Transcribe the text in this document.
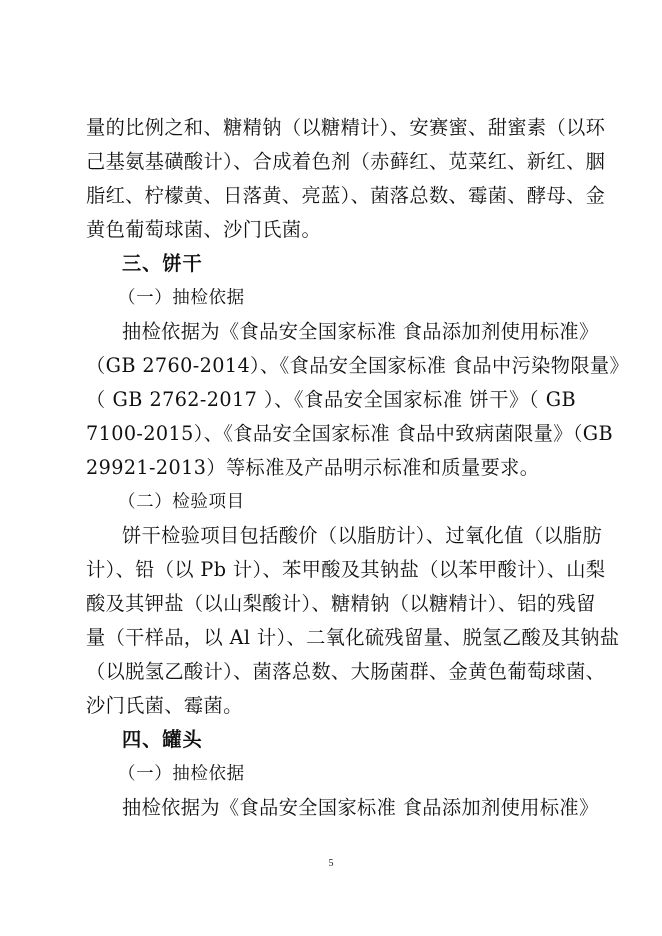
量的比例之和、糖精钠（以糖精计）、安赛蜜、甜蜜素（以环
己基氨基磺酸计）、合成着色剂（赤藓红、苋菜红、新红、胭
脂红、柠檬黄、日落黄、亮蓝）、菌落总数、霉菌、酵母、金
黄色葡萄球菌、沙门氏菌。
三、饼干
（一）抽检依据
抽检依据为《食品安全国家标准 食品添加剂使用标准》
（GB 2760-2014）、《食品安全国家标准 食品中污染物限量》
（ GB 2762-2017 ）、《食品安全国家标准 饼干》（ GB
7100-2015）、《食品安全国家标准 食品中致病菌限量》（GB
29921-2013）等标准及产品明示标准和质量要求。
（二）检验项目
饼干检验项目包括酸价（以脂肪计）、过氧化值（以脂肪
计）、铅（以 Pb 计）、苯甲酸及其钠盐（以苯甲酸计）、山梨
酸及其钾盐（以山梨酸计）、糖精钠（以糖精计）、铝的残留
量（干样品，以 Al 计）、二氧化硫残留量、脱氢乙酸及其钠盐
（以脱氢乙酸计）、菌落总数、大肠菌群、金黄色葡萄球菌、
沙门氏菌、霉菌。
四、罐头
（一）抽检依据
抽检依据为《食品安全国家标准 食品添加剂使用标准》
5
